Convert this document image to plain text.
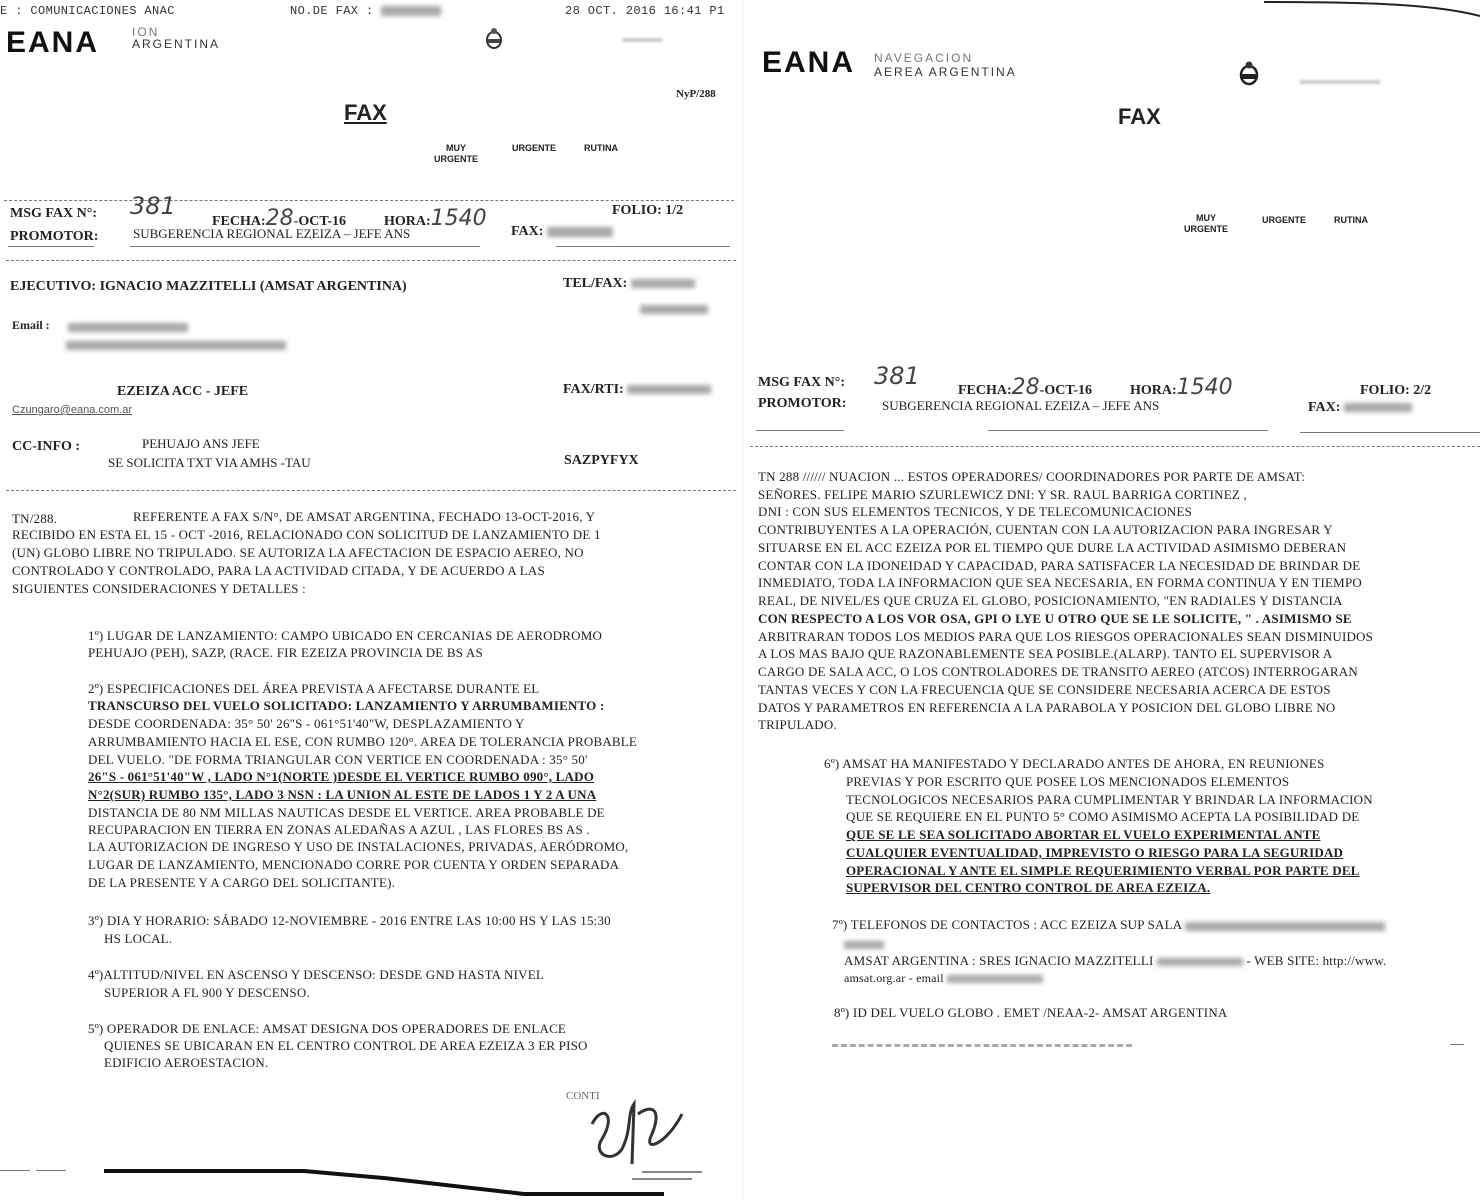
E : COMUNICACIONES ANAC	NO.DE FAX :	28 OCT. 2016 16:41 P1
EANA	ION
ARGENTINA
NyP/288
FAX
MUY
URGENTE
URGENTE	RUTINA
MSG FAX N°: 381
FECHA:28-OCT-16	HORA:1540	FOLIO: 1/2
PROMOTOR:	SUBGERENCIA REGIONAL EZEIZA – JEFE ANS	FAX:
EJECUTIVO: IGNACIO MAZZITELLI (AMSAT ARGENTINA)	TEL/FAX:
Email :
EZEIZA ACC - JEFE	FAX/RTI:
Czungaro@eana.com.ar
CC-INFO :	PEHUAJO ANS JEFE
SE SOLICITA TXT VIA AMHS -TAU	SAZPYFYX
TN/288.	REFERENTE A FAX S/N°, DE AMSAT ARGENTINA, FECHADO 13-OCT-2016, Y
RECIBIDO EN ESTA EL 15 - OCT -2016, RELACIONADO CON SOLICITUD DE LANZAMIENTO DE 1
(UN) GLOBO LIBRE NO TRIPULADO. SE AUTORIZA LA AFECTACION DE ESPACIO AEREO, NO
CONTROLADO Y CONTROLADO, PARA LA ACTIVIDAD CITADA, Y DE ACUERDO A LAS
SIGUIENTES CONSIDERACIONES Y DETALLES :
1º) LUGAR DE LANZAMIENTO: CAMPO UBICADO EN CERCANIAS DE AERODROMO
PEHUAJO (PEH), SAZP, (RACE. FIR EZEIZA PROVINCIA DE BS AS
2º) ESPECIFICACIONES DEL ÁREA PREVISTA A AFECTARSE DURANTE EL
TRANSCURSO DEL VUELO SOLICITADO: LANZAMIENTO Y ARRUMBAMIENTO :
DESDE COORDENADA: 35° 50' 26"S - 061°51'40"W, DESPLAZAMIENTO Y
ARRUMBAMIENTO HACIA EL ESE, CON RUMBO 120°. AREA DE TOLERANCIA PROBABLE
DEL VUELO. "DE FORMA TRIANGULAR CON VERTICE EN COORDENADA : 35° 50'
26"S - 061°51'40"W , LADO N°1(NORTE )DESDE EL VERTICE RUMBO 090°, LADO
N°2(SUR) RUMBO 135°, LADO 3 NSN : LA UNION AL ESTE DE LADOS 1 Y 2 A UNA
DISTANCIA DE 80 NM MILLAS NAUTICAS DESDE EL VERTICE. AREA PROBABLE DE
RECUPARACION EN TIERRA EN ZONAS ALEDAÑAS A AZUL , LAS FLORES BS AS .
LA AUTORIZACION DE INGRESO Y USO DE INSTALACIONES, PRIVADAS, AERÓDROMO,
LUGAR DE LANZAMIENTO, MENCIONADO CORRE POR CUENTA Y ORDEN SEPARADA
DE LA PRESENTE Y A CARGO DEL SOLICITANTE).
3º) DIA Y HORARIO: SÁBADO 12-NOVIEMBRE - 2016 ENTRE LAS 10:00 HS Y LAS 15:30
HS LOCAL.
4º)ALTITUD/NIVEL EN ASCENSO Y DESCENSO: DESDE GND HASTA NIVEL
SUPERIOR A FL 900 Y DESCENSO.
5º) OPERADOR DE ENLACE: AMSAT DESIGNA DOS OPERADORES DE ENLACE
QUIENES SE UBICARAN EN EL CENTRO CONTROL DE AREA EZEIZA 3 ER PISO
EDIFICIO AEROESTACION.
CONTI
EANA NAVEGACION
AEREA ARGENTINA
FAX
MUY
URGENTE
URGENTE	RUTINA
MSG FAX N°: 381
FECHA:28-OCT-16	HORA:1540	FOLIO: 2/2
PROMOTOR:	SUBGERENCIA REGIONAL EZEIZA – JEFE ANS	FAX:
TN 288 ////// NUACION ... ESTOS OPERADORES/ COORDINADORES POR PARTE DE AMSAT:
SEÑORES. FELIPE MARIO SZURLEWICZ DNI: Y SR. RAUL BARRIGA CORTINEZ ,
DNI : CON SUS ELEMENTOS TECNICOS, Y DE TELECOMUNICACIONES
CONTRIBUYENTES A LA OPERACIÓN, CUENTAN CON LA AUTORIZACION PARA INGRESAR Y
SITUARSE EN EL ACC EZEIZA POR EL TIEMPO QUE DURE LA ACTIVIDAD ASIMISMO DEBERAN
CONTAR CON LA IDONEIDAD Y CAPACIDAD, PARA SATISFACER LA NECESIDAD DE BRINDAR DE
INMEDIATO, TODA LA INFORMACION QUE SEA NECESARIA, EN FORMA CONTINUA Y EN TIEMPO
REAL, DE NIVEL/ES QUE CRUZA EL GLOBO, POSICIONAMIENTO, "EN RADIALES Y DISTANCIA
CON RESPECTO A LOS VOR OSA, GPI O LYE U OTRO QUE SE LE SOLICITE, " . ASIMISMO SE
ARBITRARAN TODOS LOS MEDIOS PARA QUE LOS RIESGOS OPERACIONALES SEAN DISMINUIDOS
A LOS MAS BAJO QUE RAZONABLEMENTE SEA POSIBLE.(ALARP). TANTO EL SUPERVISOR A
CARGO DE SALA ACC, O LOS CONTROLADORES DE TRANSITO AEREO (ATCOS) INTERROGARAN
TANTAS VECES Y CON LA FRECUENCIA QUE SE CONSIDERE NECESARIA ACERCA DE ESTOS
DATOS Y PARAMETROS EN REFERENCIA A LA PARABOLA Y POSICION DEL GLOBO LIBRE NO
TRIPULADO.
6º) AMSAT HA MANIFESTADO Y DECLARADO ANTES DE AHORA, EN REUNIONES
PREVIAS Y POR ESCRITO QUE POSEE LOS MENCIONADOS ELEMENTOS
TECNOLOGICOS NECESARIOS PARA CUMPLIMENTAR Y BRINDAR LA INFORMACION
QUE SE REQUIERE EN EL PUNTO 5° COMO ASIMISMO ACEPTA LA POSIBILIDAD DE
QUE SE LE SEA SOLICITADO ABORTAR EL VUELO EXPERIMENTAL ANTE
CUALQUIER EVENTUALIDAD, IMPREVISTO O RIESGO PARA LA SEGURIDAD
OPERACIONAL Y ANTE EL SIMPLE REQUERIMIENTO VERBAL POR PARTE DEL
SUPERVISOR DEL CENTRO CONTROL DE AREA EZEIZA.
7º) TELEFONOS DE CONTACTOS : ACC EZEIZA SUP SALA
AMSAT ARGENTINA : SRES IGNACIO MAZZITELLI	- WEB SITE: http://www.
amsat.org.ar - email
8º) ID DEL VUELO GLOBO . EMET /NEAA-2- AMSAT ARGENTINA
